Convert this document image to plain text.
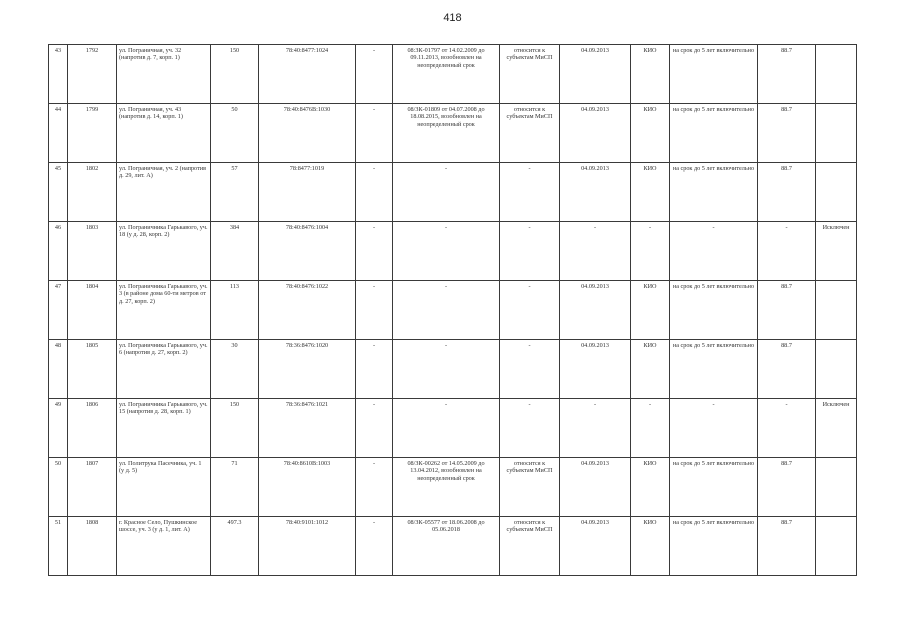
418
43	1792	ул. Пограничная, уч. 32 (напротив д. 7, корп. 1)	150	78:40:8477:1024	-	08:ЗК-01797 от 14.02.2009 до 09.11.2013, возобновлен на неопределенный срок	относится к субъектам МиСП	04.09.2013	КИО	на срок до 5 лет включительно	88.7	
44	1799	ул. Пограничная, уч. 43 (напротив д. 14, корп. 1)	50	78:40:8476В:1030	-	08/ЗК-01809 от 04.07.2008 до 18.08.2015, возобновлен на неопределенный срок	относится к субъектам МиСП	04.09.2013	КИО	на срок до 5 лет включительно	88.7	
45	1802	ул. Пограничная, уч. 2 (напротив д. 29, лит. А)	57	78:8477:1019	-	-	-	04.09.2013	КИО	на срок до 5 лет включительно	88.7	
46	1803	ул. Пограничника Гарькавого, уч. 18 (у д. 28, корп. 2)	384	78:40:8476:1004	-	-	-	-	-	-	-	Исключен
47	1804	ул. Пограничника Гарькавого, уч. 3 (в районе дома 60-ти метров от д. 27, корп. 2)	113	78:40:8476:1022	-	-	-	04.09.2013	КИО	на срок до 5 лет включительно	88.7	
48	1805	ул. Пограничника Гарькавого, уч. 6 (напротив д. 27, корп. 2)	30	78:36:8476:1020	-	-	-	04.09.2013	КИО	на срок до 5 лет включительно	88.7	
49	1806	ул. Пограничника Гарькавого, уч. 15 (напротив д. 28, корп. 1)	150	78:36:8476:1021	-	-	-	-	-	-	-	Исключен
50	1807	ул. Политрука Пасечника, уч. 1 (у д. 5)	71	78:40:8610В:1003	-	08/ЗК-00262 от 14.05.2009 до 13.04.2012, возобновлен на неопределенный срок	относится к субъектам МиСП	04.09.2013	КИО	на срок до 5 лет включительно	88.7	
51	1808	г. Красное Село, Пушкинское шоссе, уч. 3 (у д. 1, лит. А)	497.3	78:40:9101:1012	-	08/ЗК-05577 от 18.06.2008 до 05.06.2018	относится к субъектам МиСП	04.09.2013	КИО	на срок до 5 лет включительно	88.7	
